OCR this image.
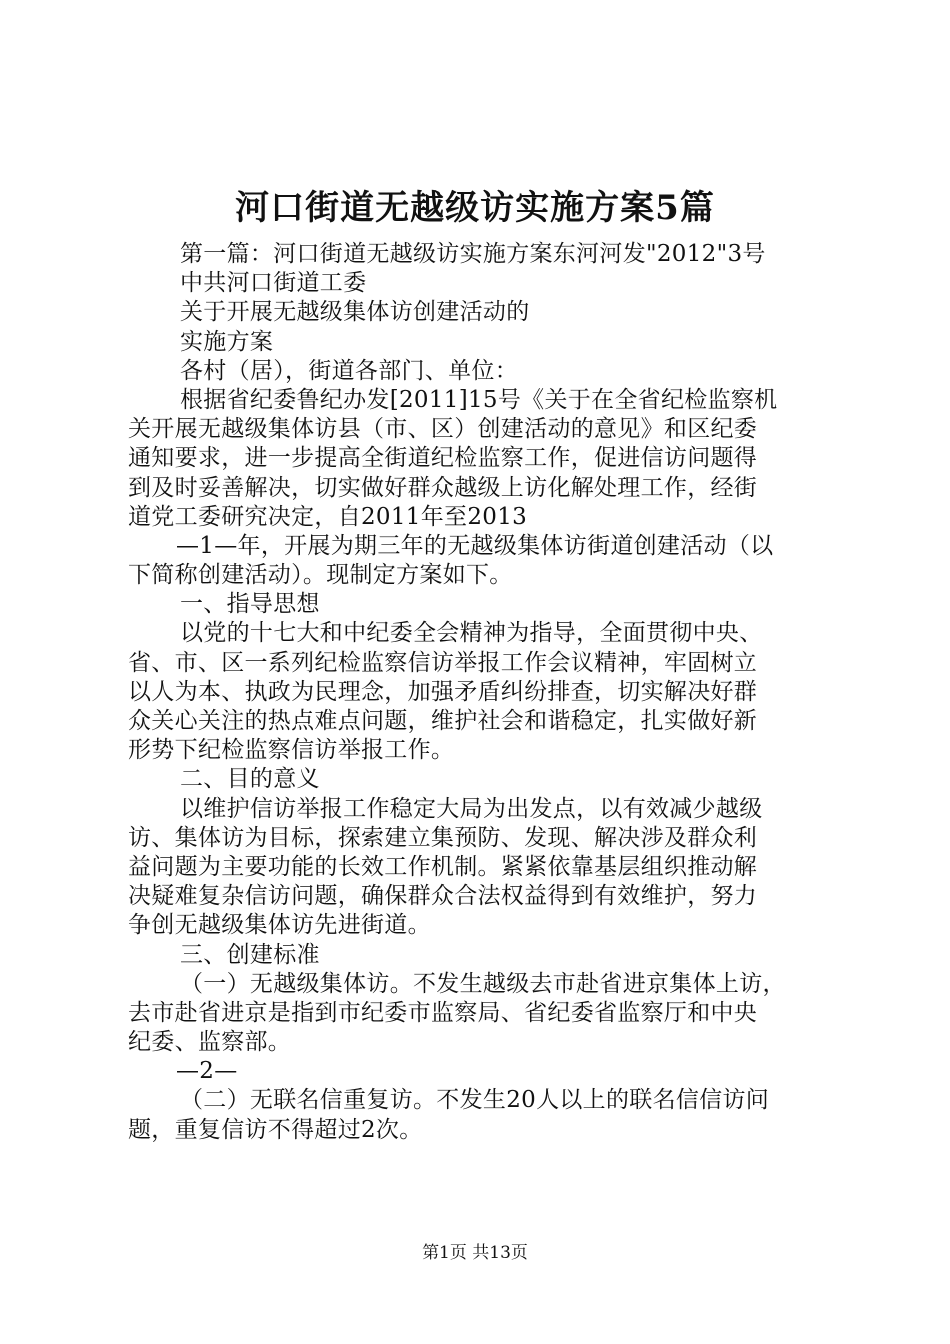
河口街道无越级访实施方案5篇
第一篇：河口街道无越级访实施方案东河河发"2012"3号
中共河口街道工委
关于开展无越级集体访创建活动的
实施方案
各村（居），街道各部门、单位：
根据省纪委鲁纪办发[2011]15号《关于在全省纪检监察机
关开展无越级集体访县（市、区）创建活动的意见》和区纪委
通知要求，进一步提高全街道纪检监察工作，促进信访问题得
到及时妥善解决，切实做好群众越级上访化解处理工作，经街
道党工委研究决定，自2011年至2013
—1—年，开展为期三年的无越级集体访街道创建活动（以
下简称创建活动）。现制定方案如下。
一、指导思想
以党的十七大和中纪委全会精神为指导，全面贯彻中央、
省、市、区一系列纪检监察信访举报工作会议精神，牢固树立
以人为本、执政为民理念，加强矛盾纠纷排查，切实解决好群
众关心关注的热点难点问题，维护社会和谐稳定，扎实做好新
形势下纪检监察信访举报工作。
二、目的意义
以维护信访举报工作稳定大局为出发点，以有效减少越级
访、集体访为目标，探索建立集预防、发现、解决涉及群众利
益问题为主要功能的长效工作机制。紧紧依靠基层组织推动解
决疑难复杂信访问题，确保群众合法权益得到有效维护，努力
争创无越级集体访先进街道。
三、创建标准
（一）无越级集体访。不发生越级去市赴省进京集体上访，
去市赴省进京是指到市纪委市监察局、省纪委省监察厅和中央
纪委、监察部。
—2—
（二）无联名信重复访。不发生20人以上的联名信信访问
题，重复信访不得超过2次。
第1页 共13页
